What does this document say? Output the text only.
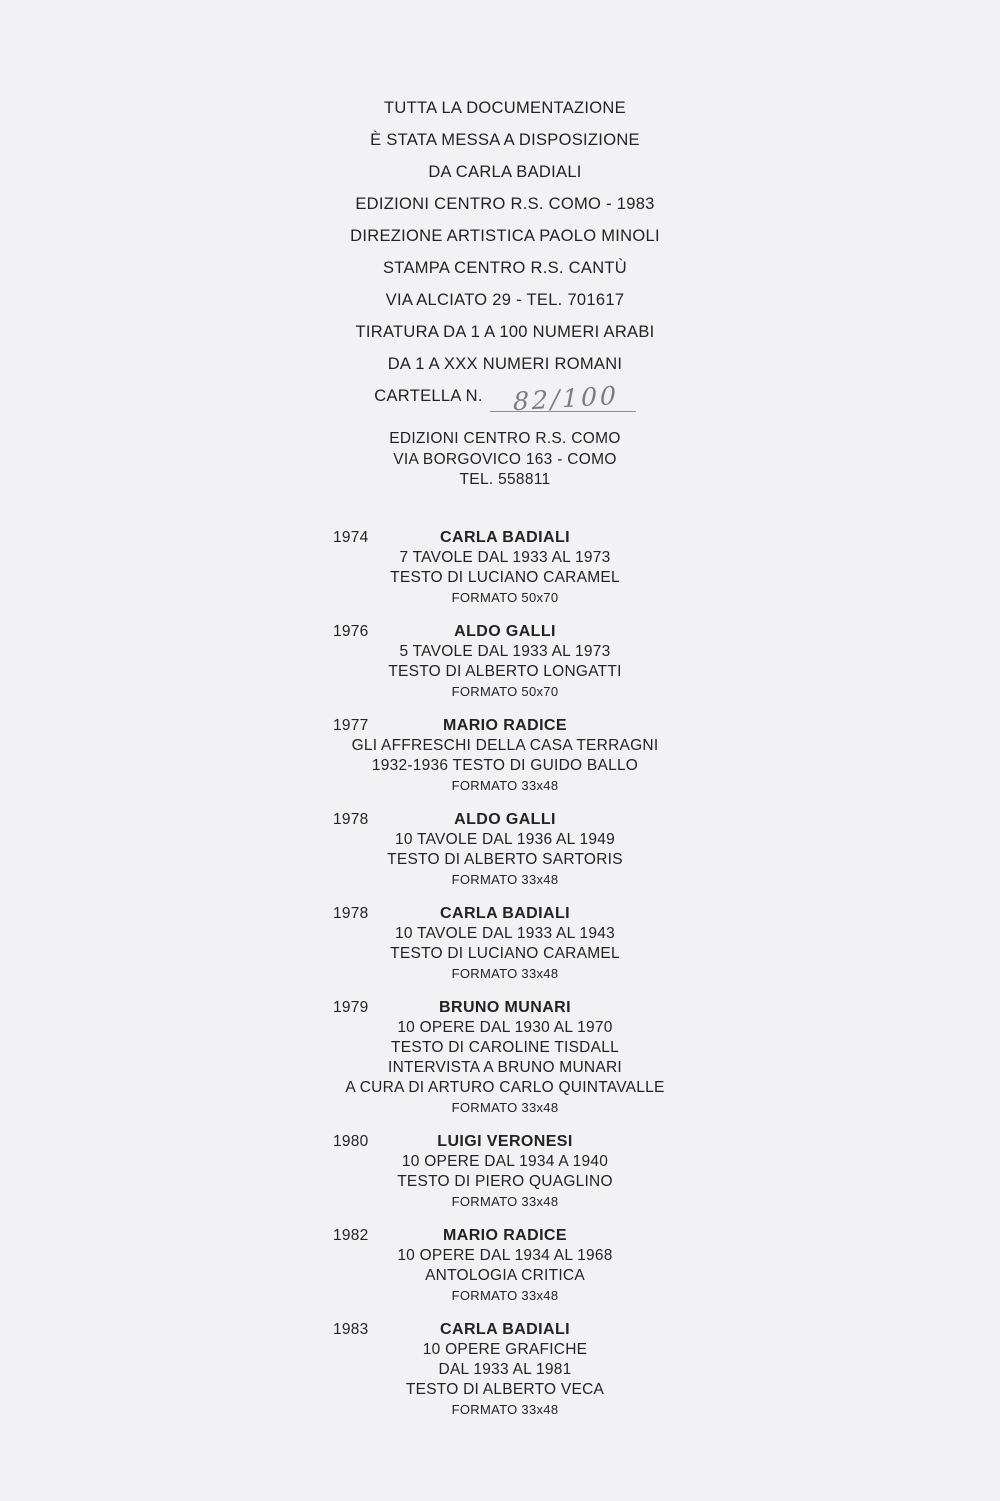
TUTTA LA DOCUMENTAZIONE
È STATA MESSA A DISPOSIZIONE
DA CARLA BADIALI
EDIZIONI CENTRO R.S. COMO - 1983
DIREZIONE ARTISTICA PAOLO MINOLI
STAMPA CENTRO R.S. CANTÙ
VIA ALCIATO 29 - TEL. 701617
TIRATURA DA 1 A 100 NUMERI ARABI
DA 1 A XXX NUMERI ROMANI
CARTELLA N.	82/100
EDIZIONI CENTRO R.S. COMO
VIA BORGOVICO 163 - COMO
TEL. 558811
1974	CARLA BADIALI
7 TAVOLE DAL 1933 AL 1973
TESTO DI LUCIANO CARAMEL
FORMATO 50x70
1976	ALDO GALLI
5 TAVOLE DAL 1933 AL 1973
TESTO DI ALBERTO LONGATTI
FORMATO 50x70
1977	MARIO RADICE
GLI AFFRESCHI DELLA CASA TERRAGNI
1932-1936 TESTO DI GUIDO BALLO
FORMATO 33x48
1978	ALDO GALLI
10 TAVOLE DAL 1936 AL 1949
TESTO DI ALBERTO SARTORIS
FORMATO 33x48
1978	CARLA BADIALI
10 TAVOLE DAL 1933 AL 1943
TESTO DI LUCIANO CARAMEL
FORMATO 33x48
1979	BRUNO MUNARI
10 OPERE DAL 1930 AL 1970
TESTO DI CAROLINE TISDALL
INTERVISTA A BRUNO MUNARI
A CURA DI ARTURO CARLO QUINTAVALLE
FORMATO 33x48
1980	LUIGI VERONESI
10 OPERE DAL 1934 A 1940
TESTO DI PIERO QUAGLINO
FORMATO 33x48
1982	MARIO RADICE
10 OPERE DAL 1934 AL 1968
ANTOLOGIA CRITICA
FORMATO 33x48
1983	CARLA BADIALI
10 OPERE GRAFICHE
DAL 1933 AL 1981
TESTO DI ALBERTO VECA
FORMATO 33x48
